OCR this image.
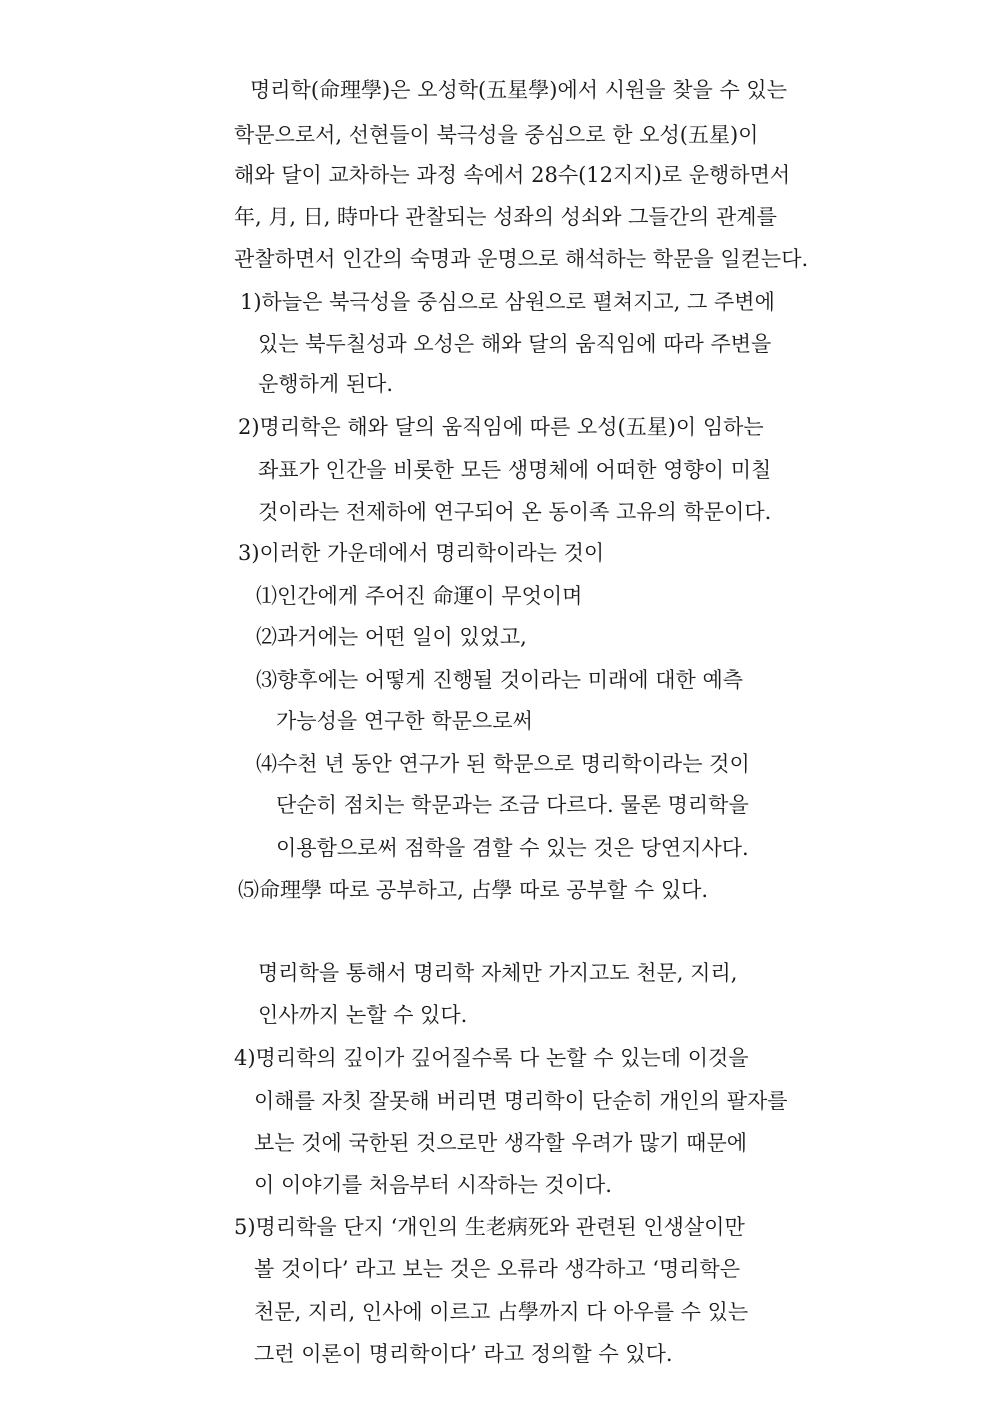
명리학(命理學)은 오성학(五星學)에서 시원을 찾을 수 있는

학문으로서, 선현들이 북극성을 중심으로 한 오성(五星)이

해와 달이 교차하는 과정 속에서 28수(12지지)로 운행하면서

年, 月, 日, 時마다 관찰되는 성좌의 성쇠와 그들간의 관계를

관찰하면서 인간의 숙명과 운명으로 해석하는 학문을 일컫는다.

1)하늘은 북극성을 중심으로 삼원으로 펼쳐지고, 그 주변에

있는 북두칠성과 오성은 해와 달의 움직임에 따라 주변을

운행하게 된다.

2)명리학은 해와 달의 움직임에 따른 오성(五星)이 임하는

좌표가 인간을 비롯한 모든 생명체에 어떠한 영향이 미칠

것이라는 전제하에 연구되어 온 동이족 고유의 학문이다.

3)이러한 가운데에서 명리학이라는 것이

⑴인간에게 주어진 命運이 무엇이며

⑵과거에는 어떤 일이 있었고,

⑶향후에는 어떻게 진행될 것이라는 미래에 대한 예측

가능성을 연구한 학문으로써

⑷수천 년 동안 연구가 된 학문으로 명리학이라는 것이

단순히 점치는 학문과는 조금 다르다. 물론 명리학을

이용함으로써 점학을 겸할 수 있는 것은 당연지사다.

⑸命理學 따로 공부하고, 占學 따로 공부할 수 있다.

명리학을 통해서 명리학 자체만 가지고도 천문, 지리,

인사까지 논할 수 있다.

4)명리학의 깊이가 깊어질수록 다 논할 수 있는데 이것을

이해를 자칫 잘못해 버리면 명리학이 단순히 개인의 팔자를

보는 것에 국한된 것으로만 생각할 우려가 많기 때문에

이 이야기를 처음부터 시작하는 것이다.

5)명리학을 단지 ‘개인의 生老病死와 관련된 인생살이만

볼 것이다’ 라고 보는 것은 오류라 생각하고 ‘명리학은

천문, 지리, 인사에 이르고 占學까지 다 아우를 수 있는

그런 이론이 명리학이다’ 라고 정의할 수 있다.
